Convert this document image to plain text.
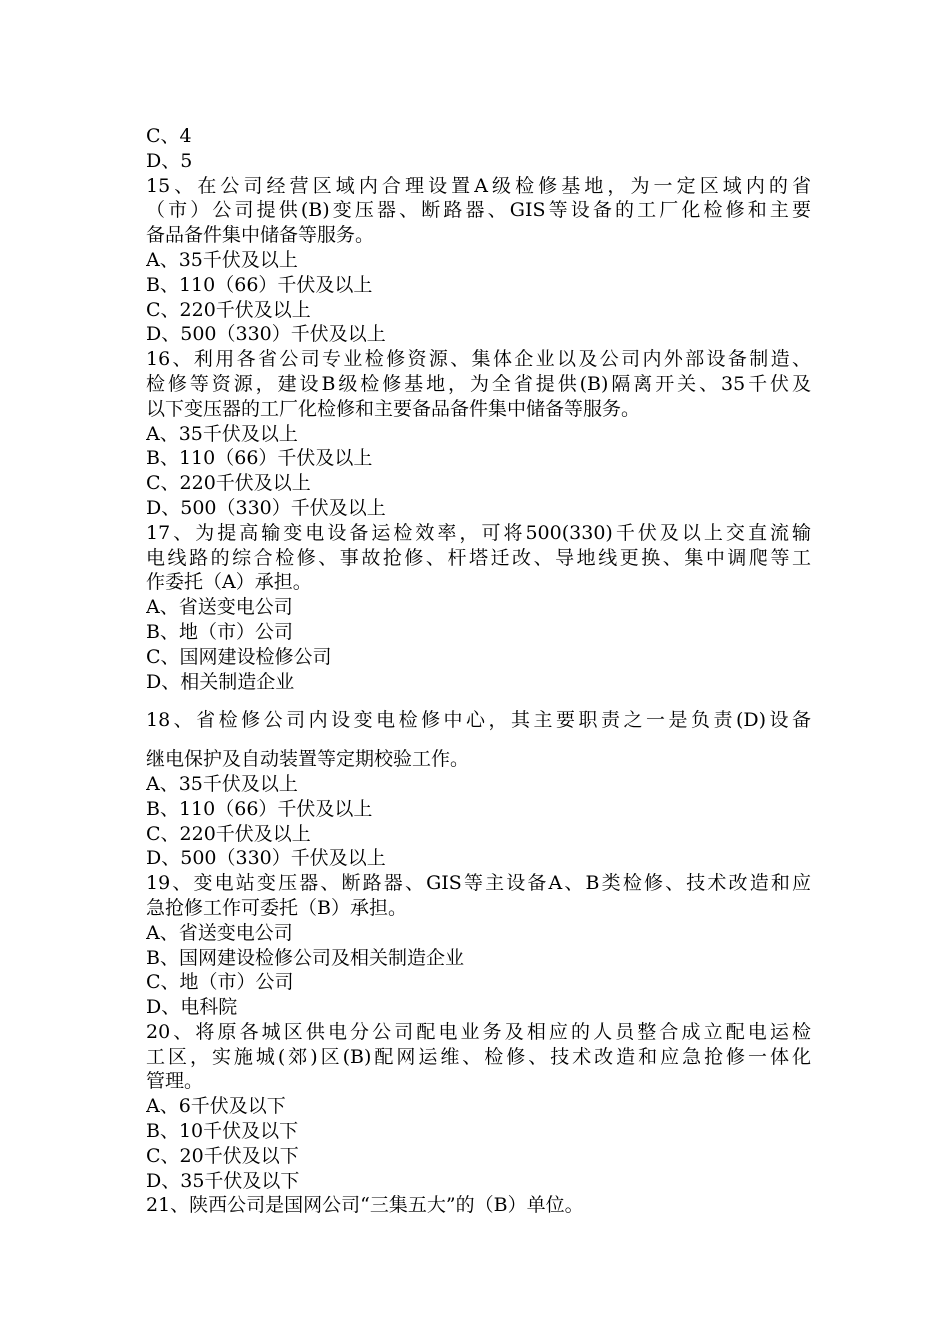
C、4
D、5
15、在公司经营区域内合理设置A级检修基地，为一定区域内的省
（市）公司提供(B)变压器、断路器、GIS等设备的工厂化检修和主要
备品备件集中储备等服务。
A、35千伏及以上
B、110（66）千伏及以上
C、220千伏及以上
D、500（330）千伏及以上
16、利用各省公司专业检修资源、集体企业以及公司内外部设备制造、
检修等资源，建设B级检修基地，为全省提供(B)隔离开关、35千伏及
以下变压器的工厂化检修和主要备品备件集中储备等服务。
A、35千伏及以上
B、110（66）千伏及以上
C、220千伏及以上
D、500（330）千伏及以上
17、为提高输变电设备运检效率，可将500(330)千伏及以上交直流输
电线路的综合检修、事故抢修、杆塔迁改、导地线更换、集中调爬等工
作委托（A）承担。
A、省送变电公司
B、地（市）公司
C、国网建设检修公司
D、相关制造企业
18、省检修公司内设变电检修中心，其主要职责之一是负责(D)设备
继电保护及自动装置等定期校验工作。
A、35千伏及以上
B、110（66）千伏及以上
C、220千伏及以上
D、500（330）千伏及以上
19、变电站变压器、断路器、GIS等主设备A、B类检修、技术改造和应
急抢修工作可委托（B）承担。
A、省送变电公司
B、国网建设检修公司及相关制造企业
C、地（市）公司
D、电科院
20、将原各城区供电分公司配电业务及相应的人员整合成立配电运检
工区，实施城(郊)区(B)配网运维、检修、技术改造和应急抢修一体化
管理。
A、6千伏及以下
B、10千伏及以下
C、20千伏及以下
D、35千伏及以下
21、陕西公司是国网公司“三集五大”的（B）单位。
